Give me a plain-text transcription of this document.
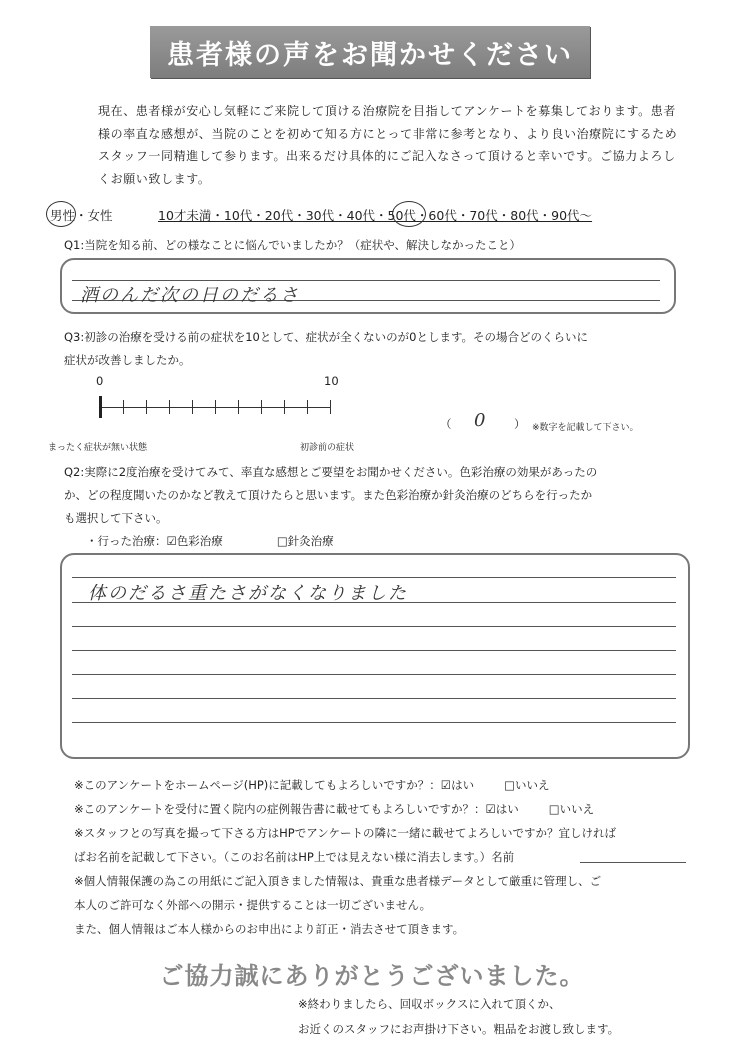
患者様の声をお聞かせください
現在、患者様が安心し気軽にご来院して頂ける治療院を目指してアンケートを募集しております。患者様の率直な感想が、当院のことを初めて知る方にとって非常に参考となり、より良い治療院にするためスタッフ一同精進して参ります。出来るだけ具体的にご記入なさって頂けると幸いです。ご協力よろしくお願い致します。
男性・女性	10才未満・10代・20代・30代・40代・50代・60代・70代・80代・90代～
Q1:当院を知る前、どの様なことに悩んでいましたか？（症状や、解決しなかったこと）
酒のんだ次の日のだるさ
Q3:初診の治療を受ける前の症状を10として、症状が全くないのが0とします。その場合どのくらいに
症状が改善しましたか。
0	10
まったく症状が無い状態	初診前の症状
（ 0 ） ※数字を記載して下さい。
Q2:実際に2度治療を受けてみて、率直な感想とご要望をお聞かせください。色彩治療の効果があったの
か、どの程度聞いたのかなど教えて頂けたらと思います。また色彩治療か針灸治療のどちらを行ったか
も選択して下さい。
・行った治療：☑色彩治療	□針灸治療
体のだるさ重たさがなくなりました
※このアンケートをホームページ(HP)に記載してもよろしいですか？：☑はい	□いいえ
※このアンケートを受付に置く院内の症例報告書に載せてもよろしいですか？：☑はい	□いいえ
※スタッフとの写真を撮って下さる方はHPでアンケートの隣に一緒に載せてよろしいですか？宜しければ
ばお名前を記載して下さい。（このお名前はHP上では見えない様に消去します。）名前
※個人情報保護の為この用紙にご記入頂きました情報は、貴重な患者様データとして厳重に管理し、ご
本人のご許可なく外部への開示・提供することは一切ございません。
また、個人情報はご本人様からのお申出により訂正・消去させて頂きます。
ご協力誠にありがとうございました。
※終わりましたら、回収ボックスに入れて頂くか、
お近くのスタッフにお声掛け下さい。粗品をお渡し致します。
